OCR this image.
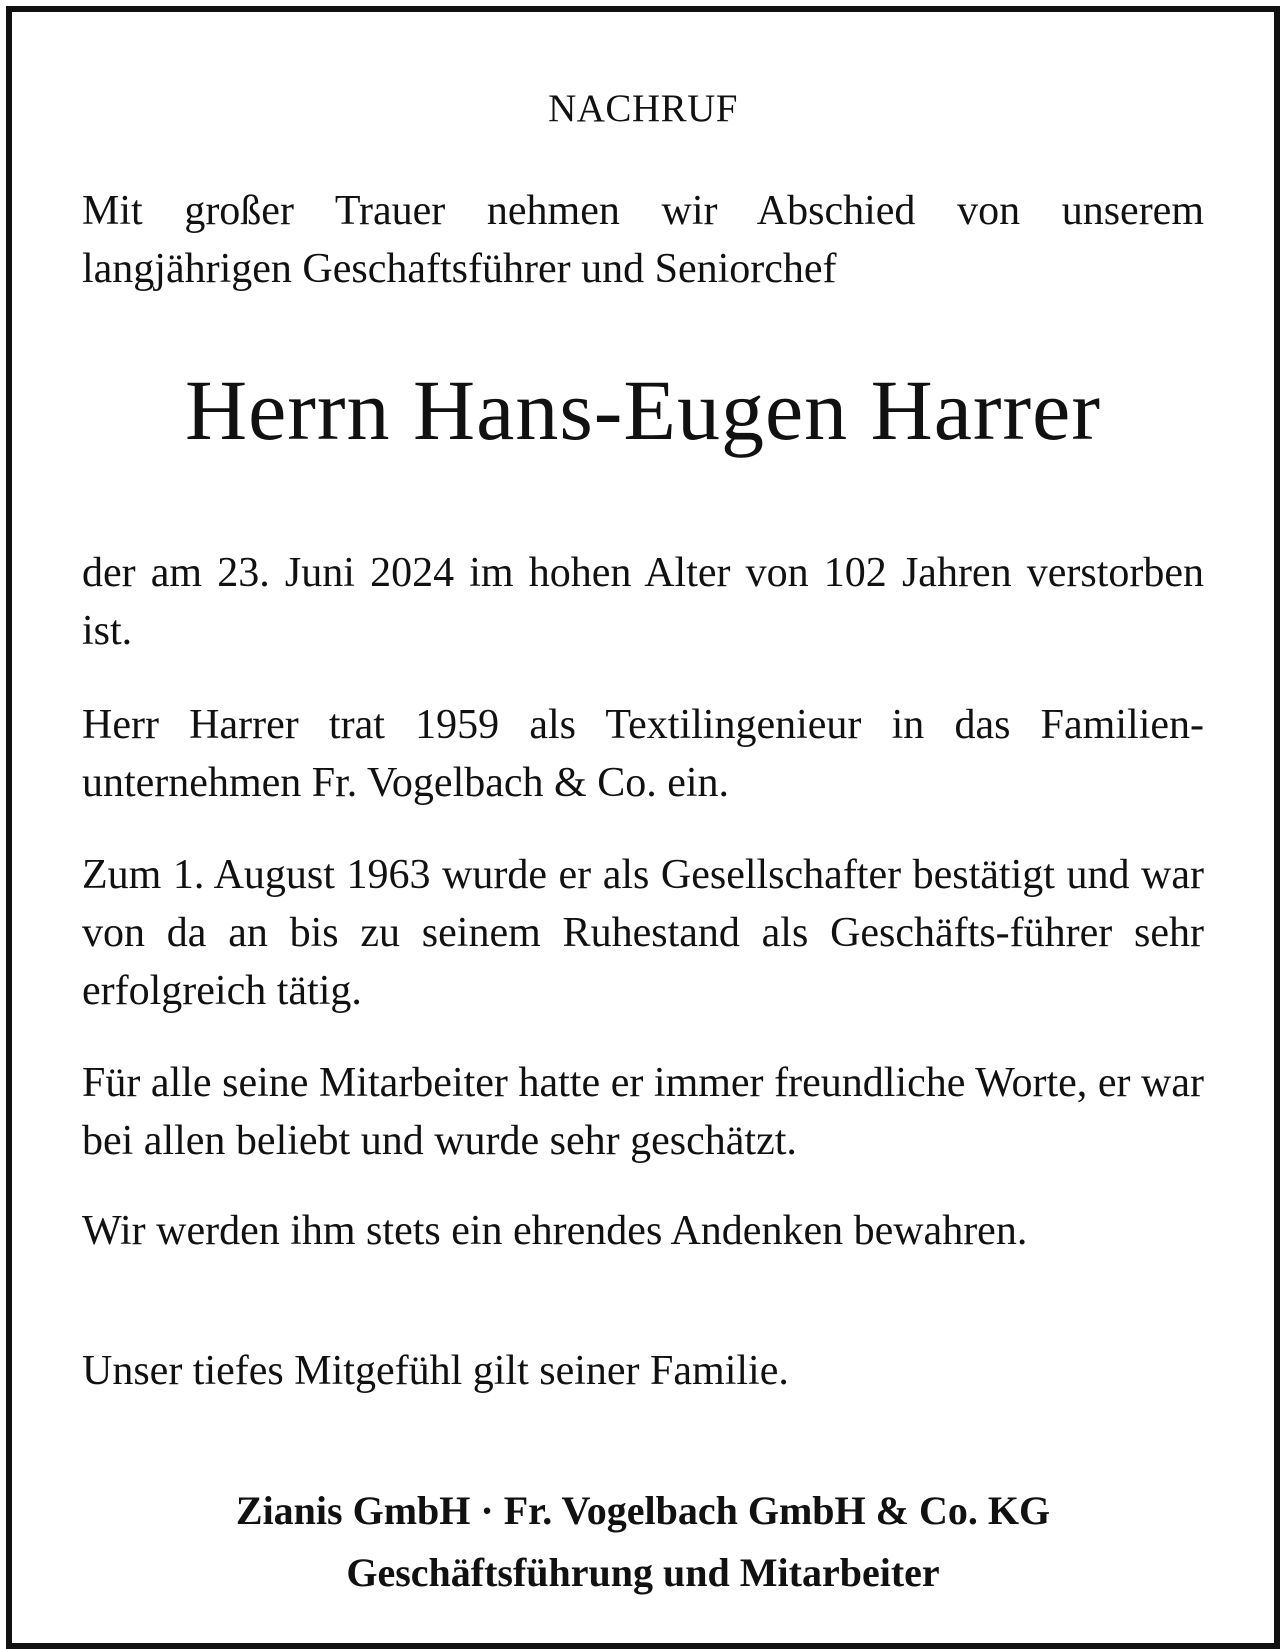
NACHRUF
Mit großer Trauer nehmen wir Abschied von unserem langjährigen Geschaftsführer und Seniorchef
Herrn Hans-Eugen Harrer
der am 23. Juni 2024 im hohen Alter von 102 Jahren verstorben ist.
Herr Harrer trat 1959 als Textilingenieur in das Familien-unternehmen Fr. Vogelbach & Co. ein.
Zum 1. August 1963 wurde er als Gesellschafter bestätigt und war von da an bis zu seinem Ruhestand als Geschäfts-führer sehr erfolgreich tätig.
Für alle seine Mitarbeiter hatte er immer freundliche Worte, er war bei allen beliebt und wurde sehr geschätzt.
Wir werden ihm stets ein ehrendes Andenken bewahren.
Unser tiefes Mitgefühl gilt seiner Familie.
Zianis GmbH · Fr. Vogelbach GmbH & Co. KG
Geschäftsführung und Mitarbeiter
